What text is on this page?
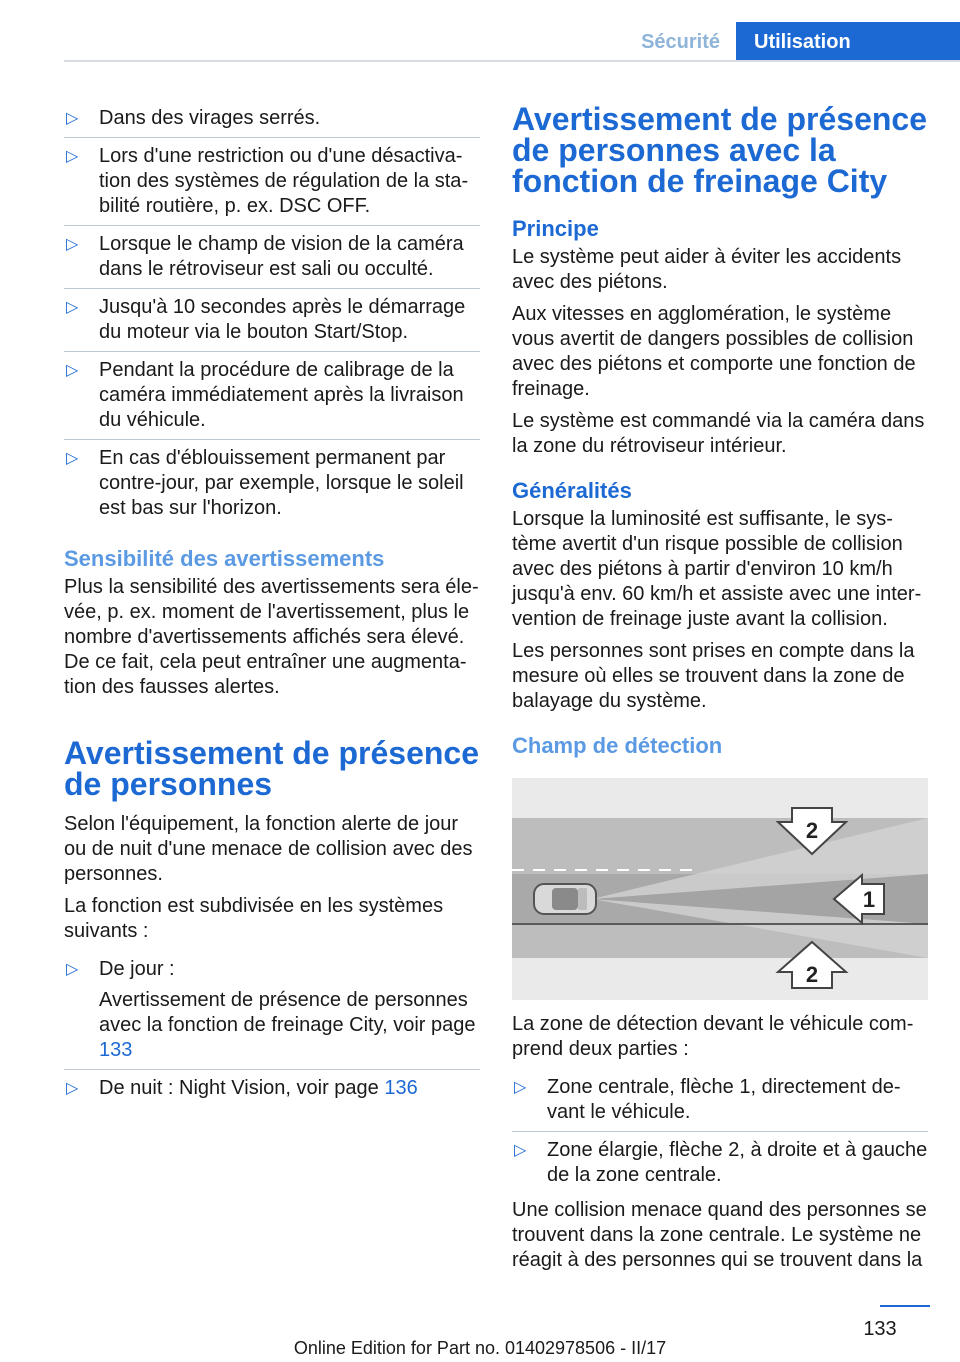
Sécurité	Utilisation
▷ Dans des virages serrés.
▷ Lors d'une restriction ou d'une désactivation des systèmes de régulation de la stabilité routière, p. ex. DSC OFF.
▷ Lorsque le champ de vision de la caméra dans le rétroviseur est sali ou occulté.
▷ Jusqu'à 10 secondes après le démarrage du moteur via le bouton Start/Stop.
▷ Pendant la procédure de calibrage de la caméra immédiatement après la livraison du véhicule.
▷ En cas d'éblouissement permanent par contre-jour, par exemple, lorsque le soleil est bas sur l'horizon.
Sensibilité des avertissements

Plus la sensibilité des avertissements sera élevée, p. ex. moment de l'avertissement, plus le nombre d'avertissements affichés sera élevé. De ce fait, cela peut entraîner une augmentation des fausses alertes.

Avertissement de présence de personnes

Selon l'équipement, la fonction alerte de jour ou de nuit d'une menace de collision avec des personnes.

La fonction est subdivisée en les systèmes suivants :

▷ De jour :
Avertissement de présence de personnes avec la fonction de freinage City, voir page 133
▷ De nuit : Night Vision, voir page 136
Avertissement de présence de personnes avec la fonction de freinage City
Principe

Le système peut aider à éviter les accidents avec des piétons.

Aux vitesses en agglomération, le système vous avertit de dangers possibles de collision avec des piétons et comporte une fonction de freinage.

Le système est commandé via la caméra dans la zone du rétroviseur intérieur.

Généralités

Lorsque la luminosité est suffisante, le système avertit d'un risque possible de collision avec des piétons à partir d'environ 10 km/h jusqu'à env. 60 km/h et assiste avec une intervention de freinage juste avant la collision.

Les personnes sont prises en compte dans la mesure où elles se trouvent dans la zone de balayage du système.

Champ de détection
2
1
2

La zone de détection devant le véhicule comprend deux parties :

▷ Zone centrale, flèche 1, directement devant le véhicule.
▷ Zone élargie, flèche 2, à droite et à gauche de la zone centrale.

Une collision menace quand des personnes se trouvent dans la zone centrale. Le système ne réagit à des personnes qui se trouvent dans la

133
Online Edition for Part no. 01402978506 - II/17
